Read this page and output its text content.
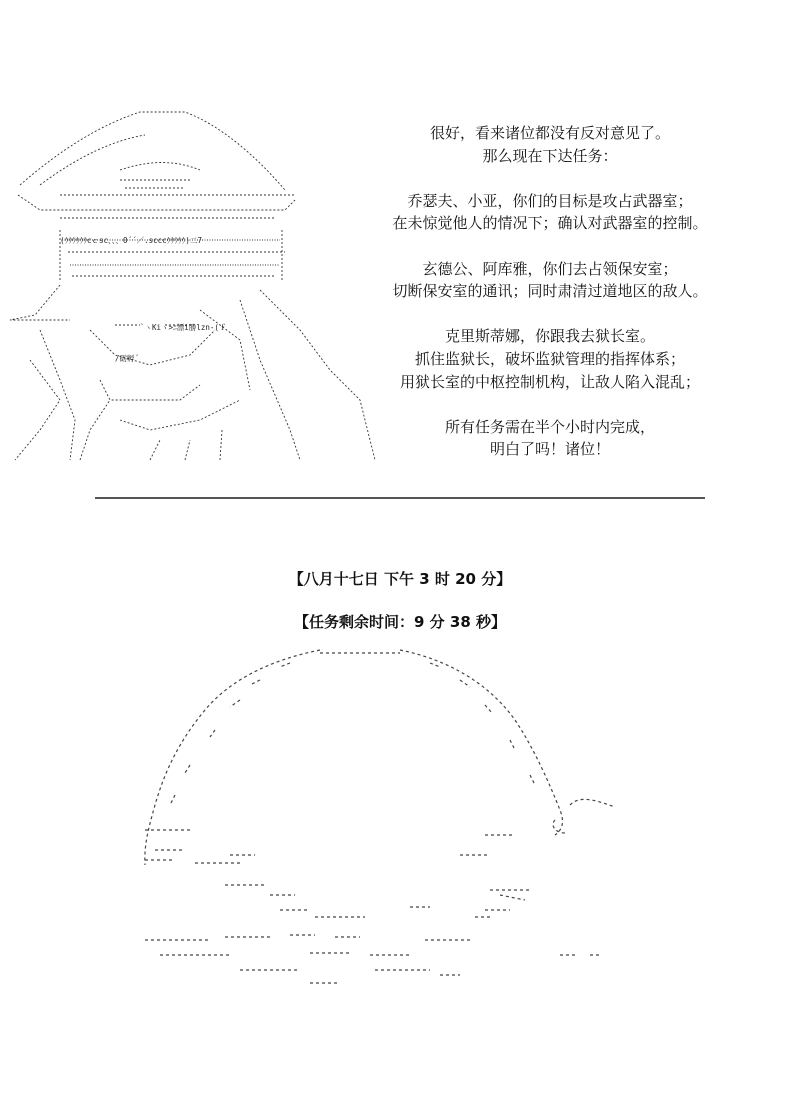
(ｳｳｳｳｳｳcｃsc、、、O´´／.scccｳｳｳｳｳ)二7
`ヽKiヽ>ﾆ漂i勝lzn-(ｆ
/砺孵´
很好，看来诸位都没有反对意见了。
那么现在下达任务：
乔瑟夫、小亚，你们的目标是攻占武器室；
在未惊觉他人的情况下；确认对武器室的控制。
玄德公、阿库雅，你们去占领保安室；
切断保安室的通讯；同时肃清过道地区的敌人。
克里斯蒂娜，你跟我去狱长室。
抓住监狱长，破坏监狱管理的指挥体系；
用狱长室的中枢控制机构，让敌人陷入混乱；
所有任务需在半个小时内完成，
明白了吗！诸位！
【八月十七日 下午 3 时 20 分】
【任务剩余时间：9 分 38 秒】
